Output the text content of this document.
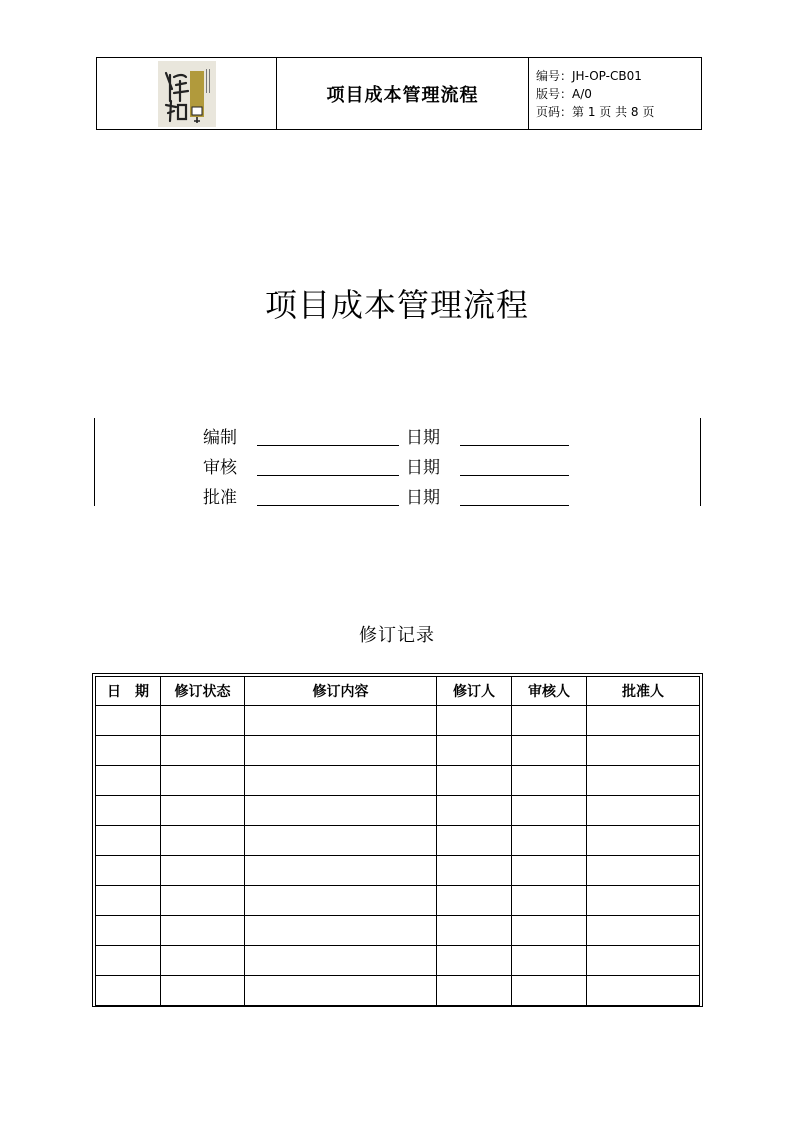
项目成本管理流程
编号：JH-OP-CB01
版号：A/0
页码：第 1 页 共 8 页
项目成本管理流程
编制	日期
审核	日期
批准	日期
修订记录
日　期	修订状态	修订内容	修订人	审核人	批准人
